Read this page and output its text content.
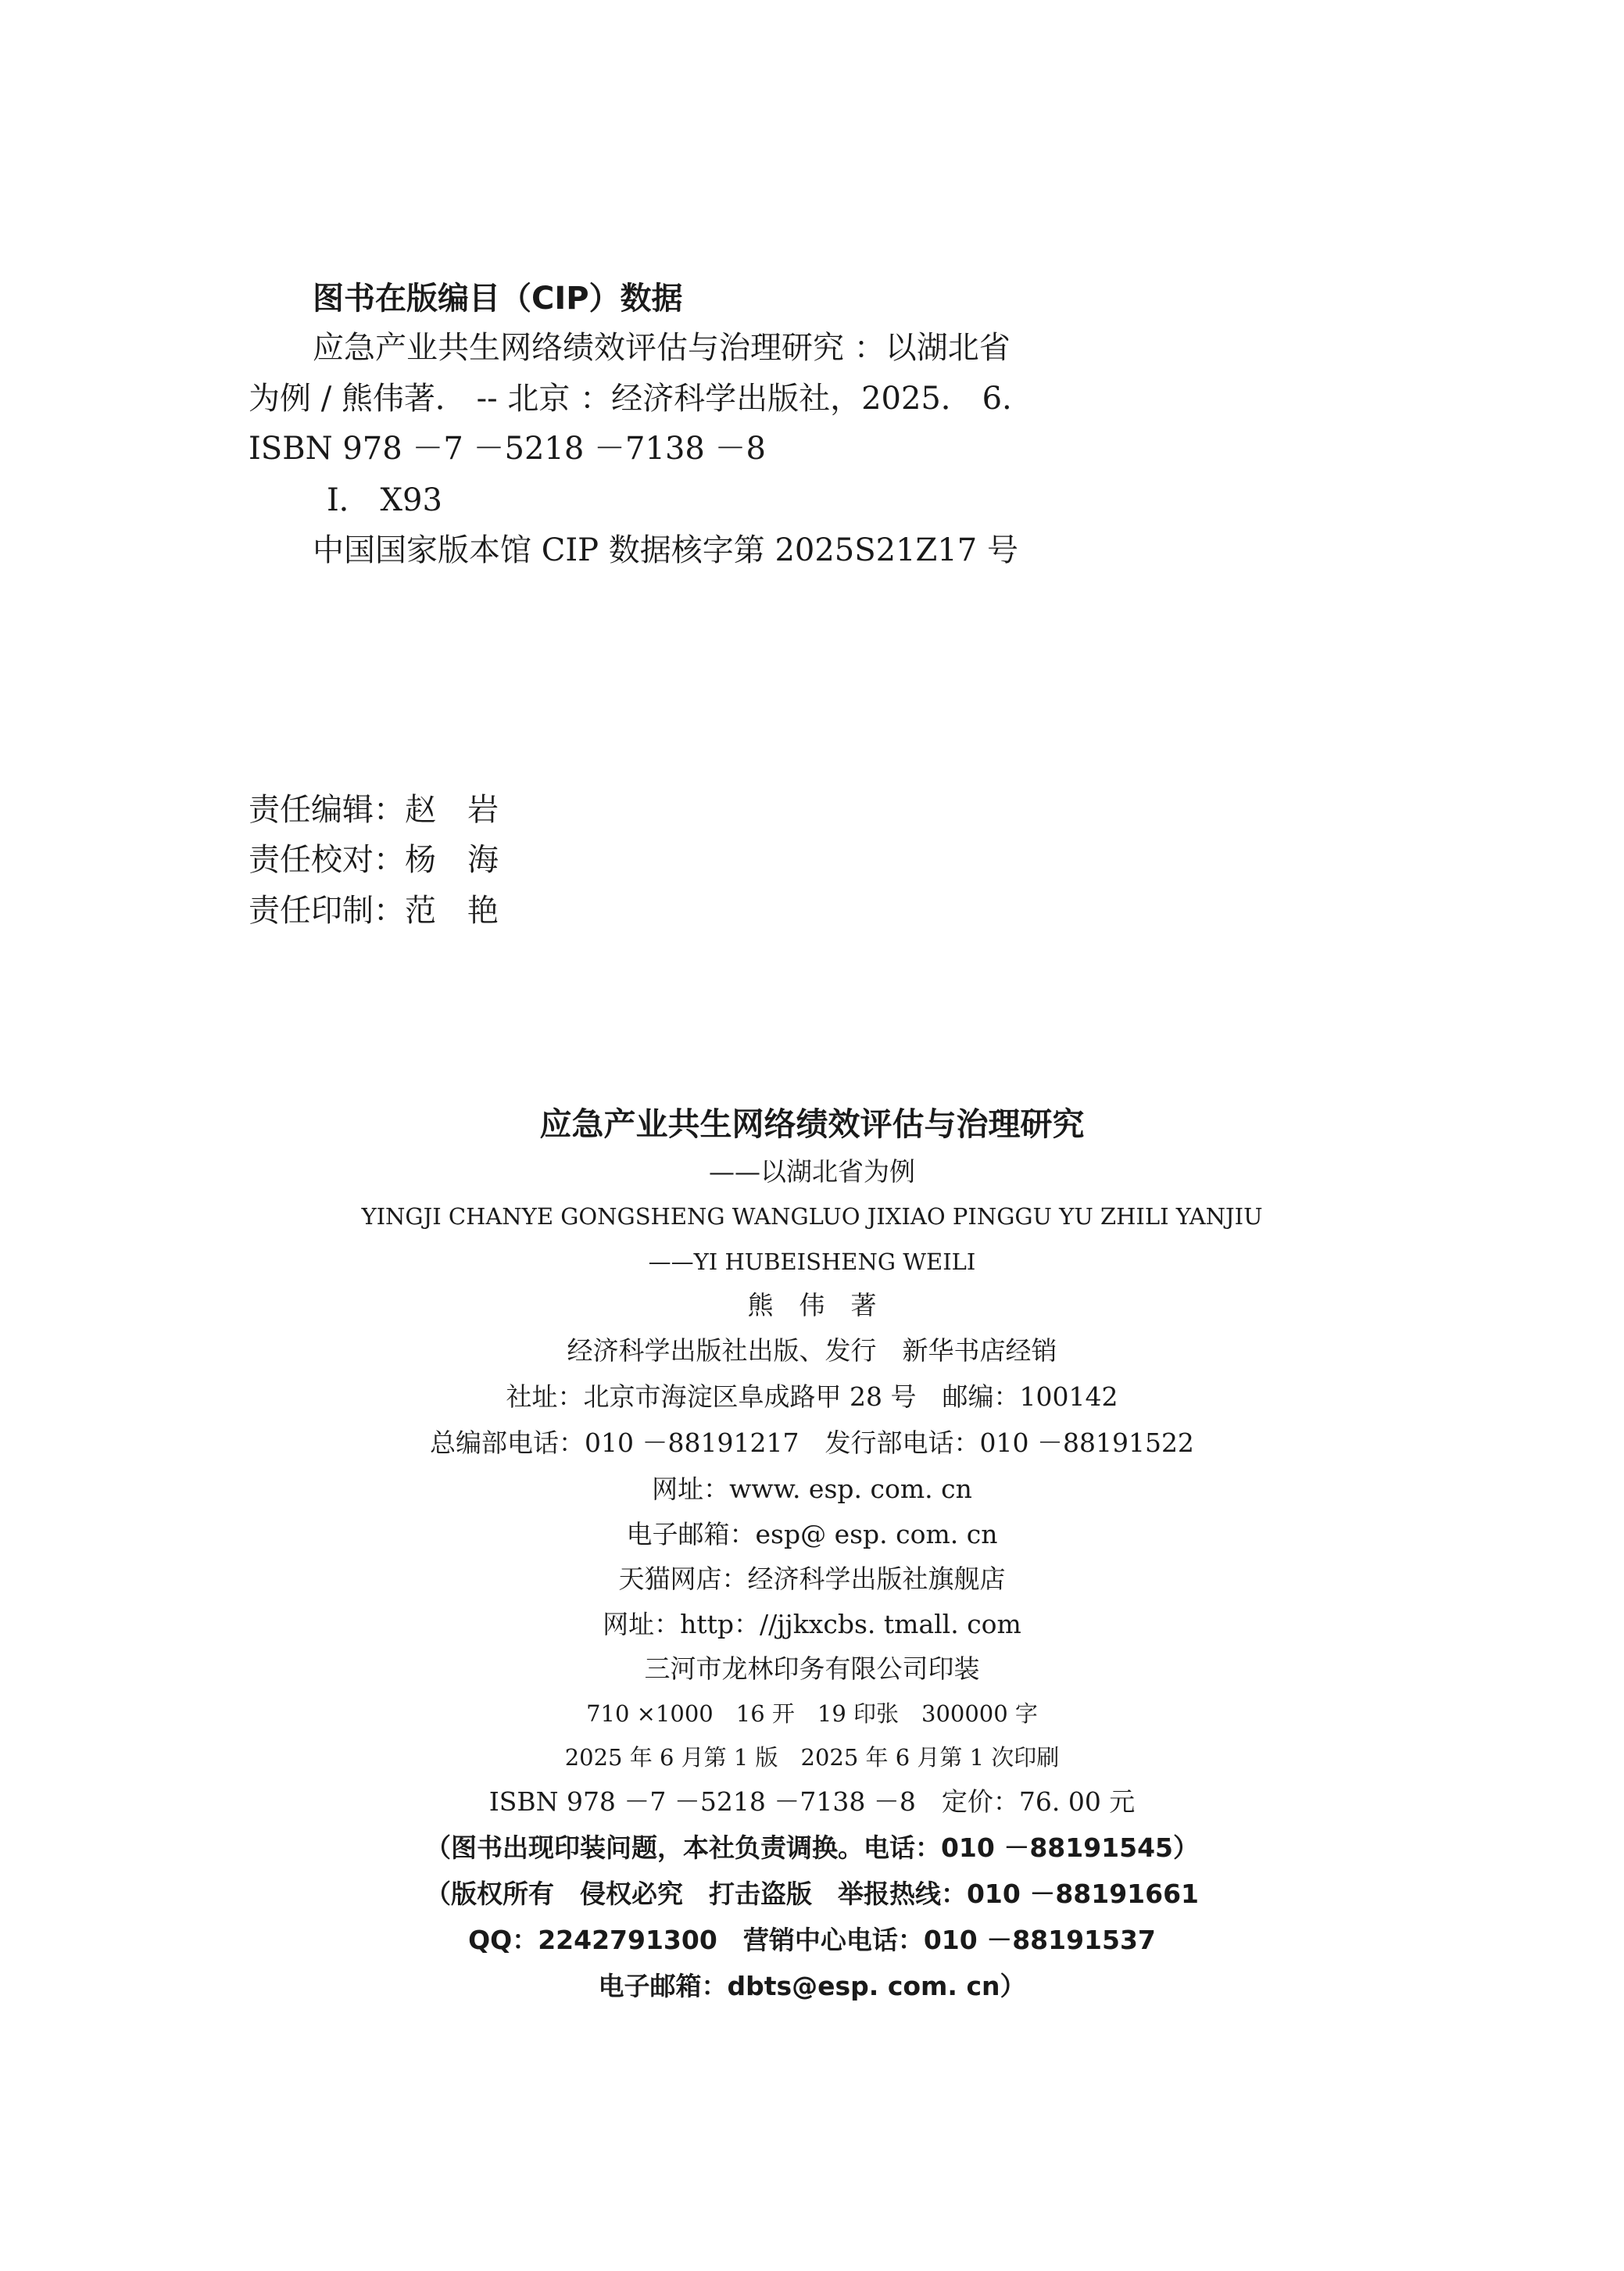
图书在版编目（CIP）数据
应急产业共生网络绩效评估与治理研究 ：以湖北省
为例 / 熊伟著． -- 北京 ：经济科学出版社，2025． 6.
ISBN 978 －7 －5218 －7138 －8
Ⅰ． X93
中国国家版本馆 CIP 数据核字第 2025S21Z17 号
责任编辑：赵　岩
责任校对：杨　海
责任印制：范　艳
应急产业共生网络绩效评估与治理研究
——以湖北省为例
YINGJI CHANYE GONGSHENG WANGLUO JIXIAO PINGGU YU ZHILI YANJIU
——YI HUBEISHENG WEILI
熊　伟　著
经济科学出版社出版、发行　新华书店经销
社址：北京市海淀区阜成路甲 28 号　邮编：100142
总编部电话：010 －88191217　发行部电话：010 －88191522
网址：www. esp. com. cn
电子邮箱：esp@ esp. com. cn
天猫网店：经济科学出版社旗舰店
网址：http：//jjkxcbs. tmall. com
三河市龙林印务有限公司印装
710 ×1000　16 开　19 印张　300000 字
2025 年 6 月第 1 版　2025 年 6 月第 1 次印刷
ISBN 978 －7 －5218 －7138 －8　定价：76. 00 元
（图书出现印装问题，本社负责调换。电话：010 －88191545）
（版权所有　侵权必究　打击盗版　举报热线：010 －88191661
QQ：2242791300　营销中心电话：010 －88191537
电子邮箱：dbts@esp. com. cn）
